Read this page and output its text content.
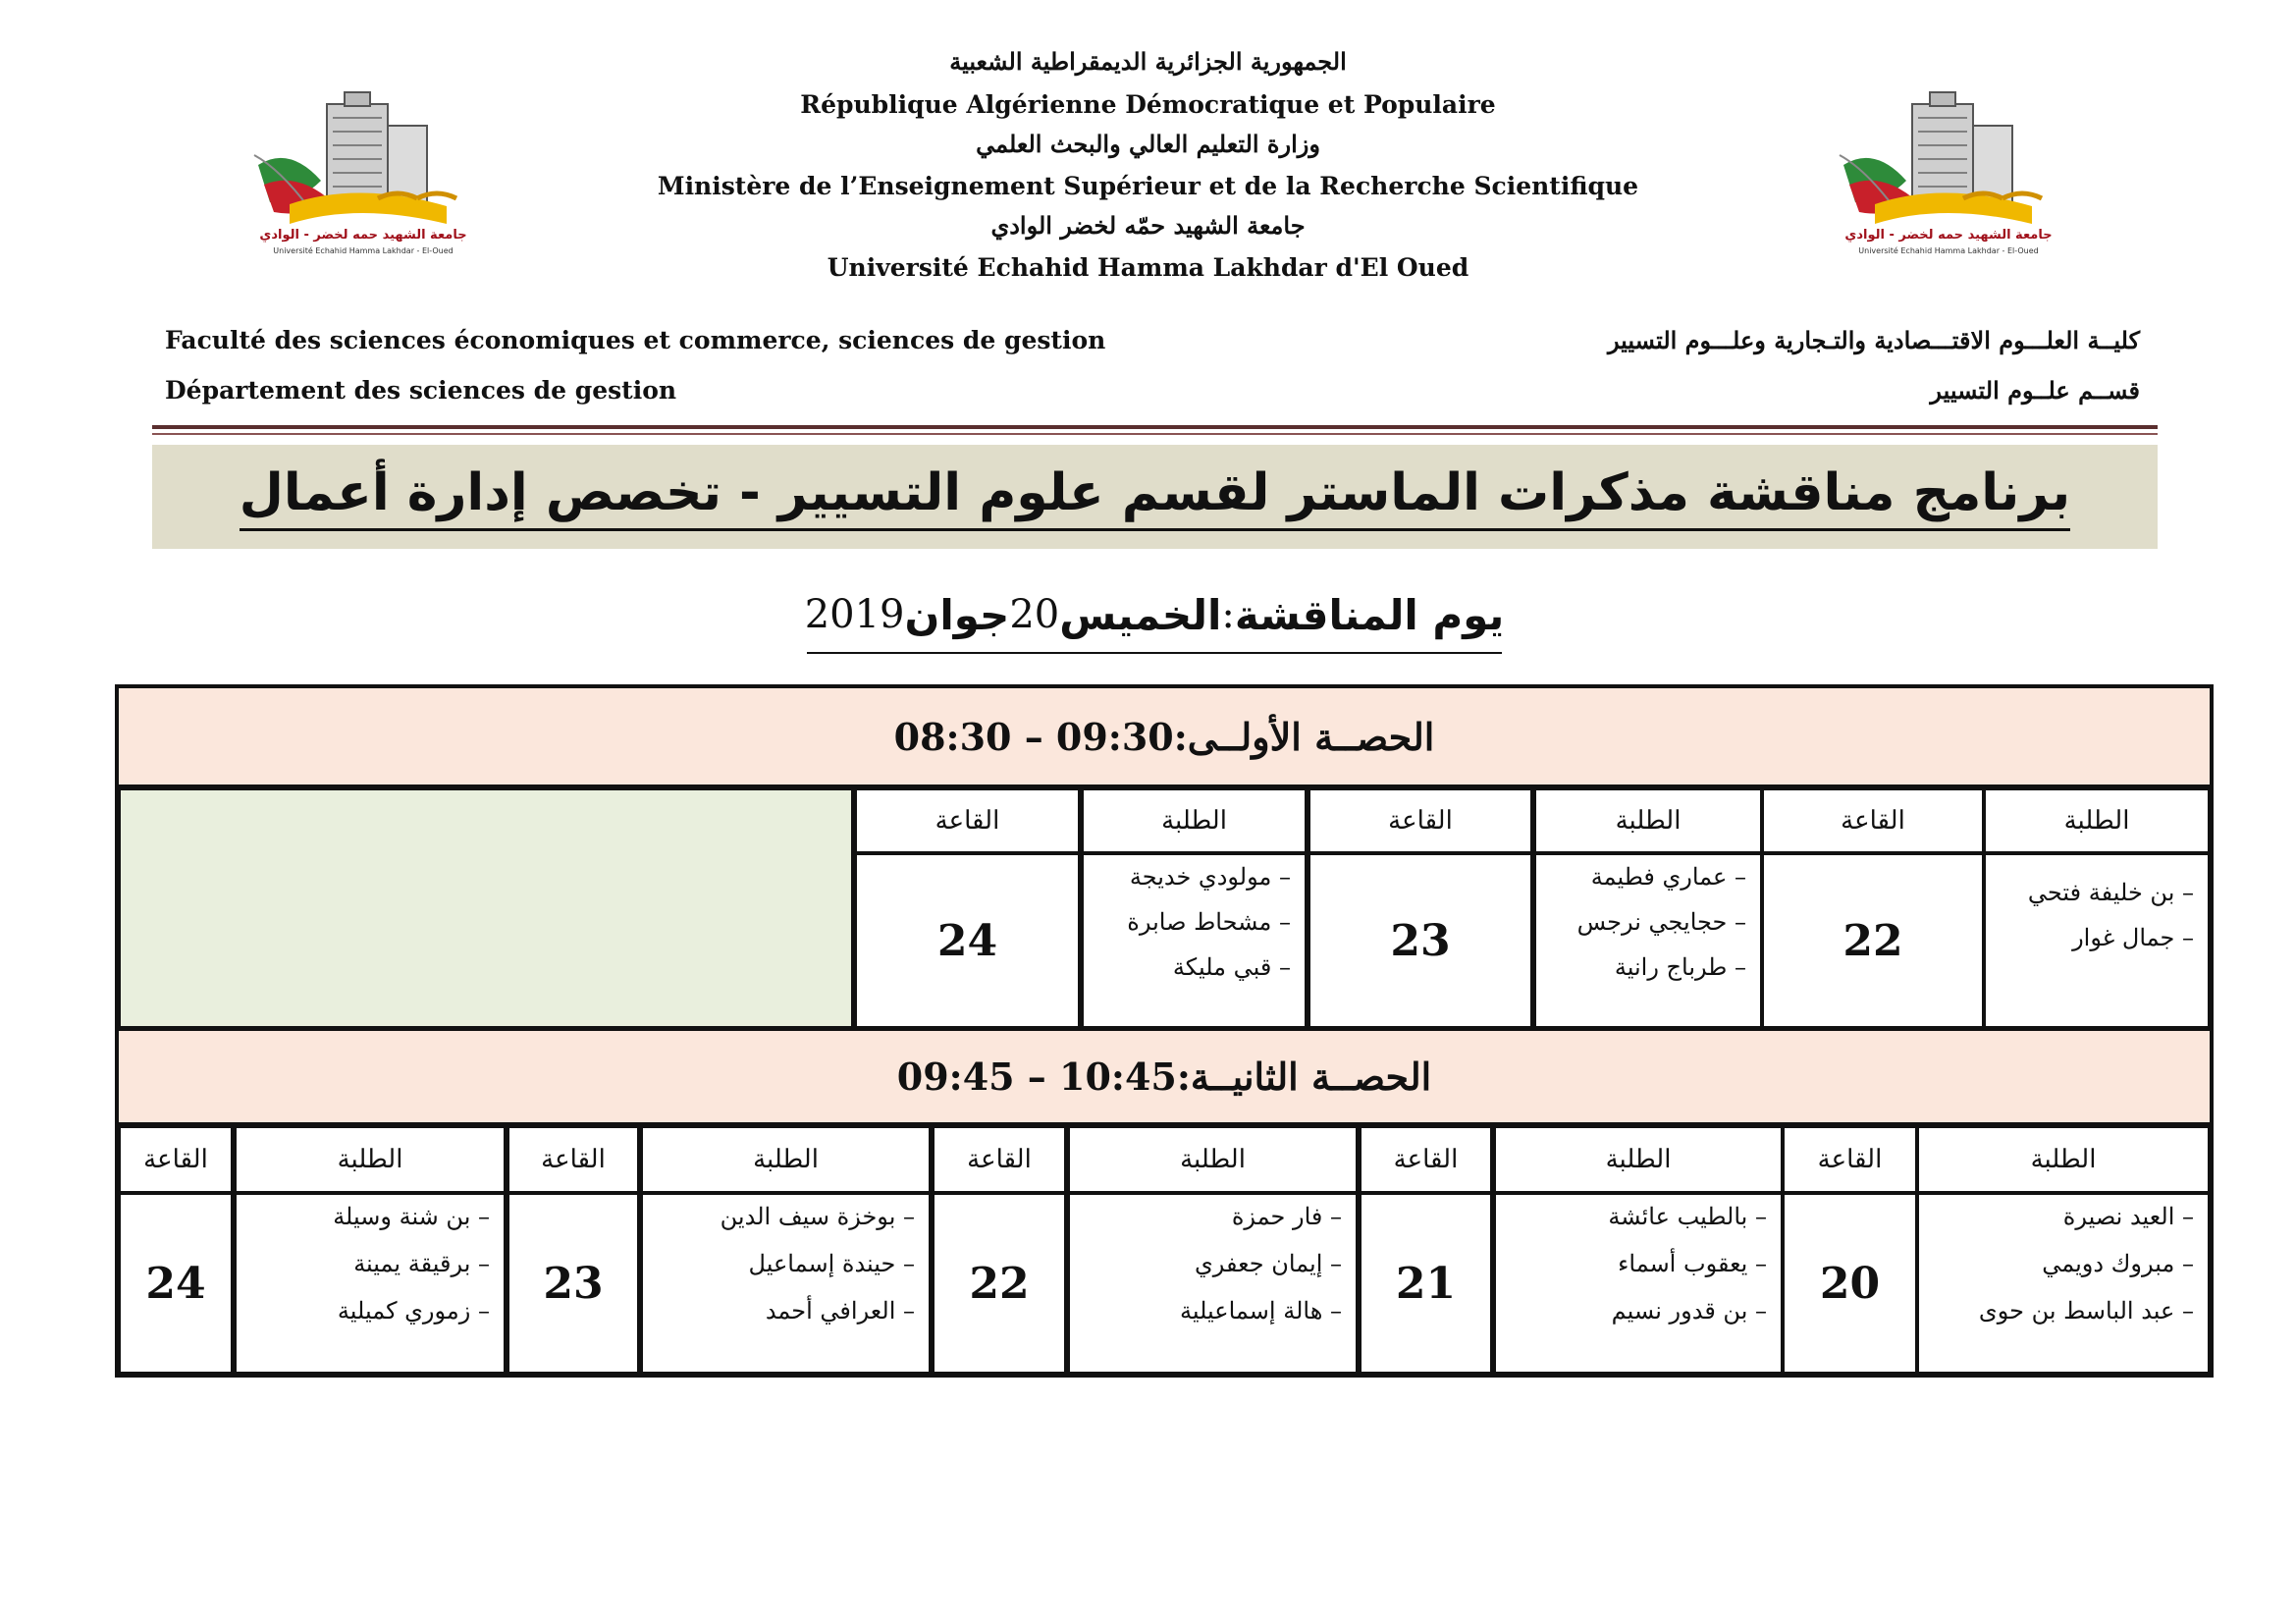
الجمهورية الجزائرية الديمقراطية الشعبية
République Algérienne Démocratique et Populaire
وزارة التعليم العالي والبحث العلمي
Ministère de l’Enseignement Supérieur et de la Recherche Scientifique
جامعة الشهيد حمّه لخضر الوادي
Université Echahid Hamma Lakhdar d'El Oued
جامعة الشهيد حمه لخضر - الوادي
Université Echahid Hamma Lakhdar - El-Oued
جامعة الشهيد حمه لخضر - الوادي
Université Echahid Hamma Lakhdar - El-Oued
Faculté des sciences économiques et commerce, sciences de gestion
Département des sciences de gestion
كليــة العلـــوم الاقتـــصادية والتـجارية وعلـــوم التسيير
قســم علــوم التسيير
برنامج مناقشة مذكرات الماستر لقسم علوم التسيير - تخصص إدارة أعمال
يوم المناقشة
:
الخميس
20
جوان
2019
الحصــة الأولــى:
08:30 – 09:30
الطلبة
القاعة
– بن خليفة فتحي
– جمال غوار
22
الطلبة
القاعة
– عماري فطيمة
– حجايجي نرجس
– طرباج رانية
23
الطلبة
القاعة
– مولودي خديجة
– مشحاط صابرة
– قبي مليكة
24
الحصــة الثانيــة:
09:45 – 10:45
الطلبة
القاعة
– العيد نصيرة
– مبروك دويمي
– عبد الباسط بن حوى
20
الطلبة
القاعة
– بالطيب عائشة
– يعقوب أسماء
– بن قدور نسيم
21
الطلبة
القاعة
– فار حمزة
– إيمان جعفري
– هالة إسماعيلية
22
الطلبة
القاعة
– بوخزة سيف الدين
– حيندة إسماعيل
– العرافي أحمد
23
الطلبة
القاعة
– بن شنة وسيلة
– برقيقة يمينة
– زموري كميلية
24
